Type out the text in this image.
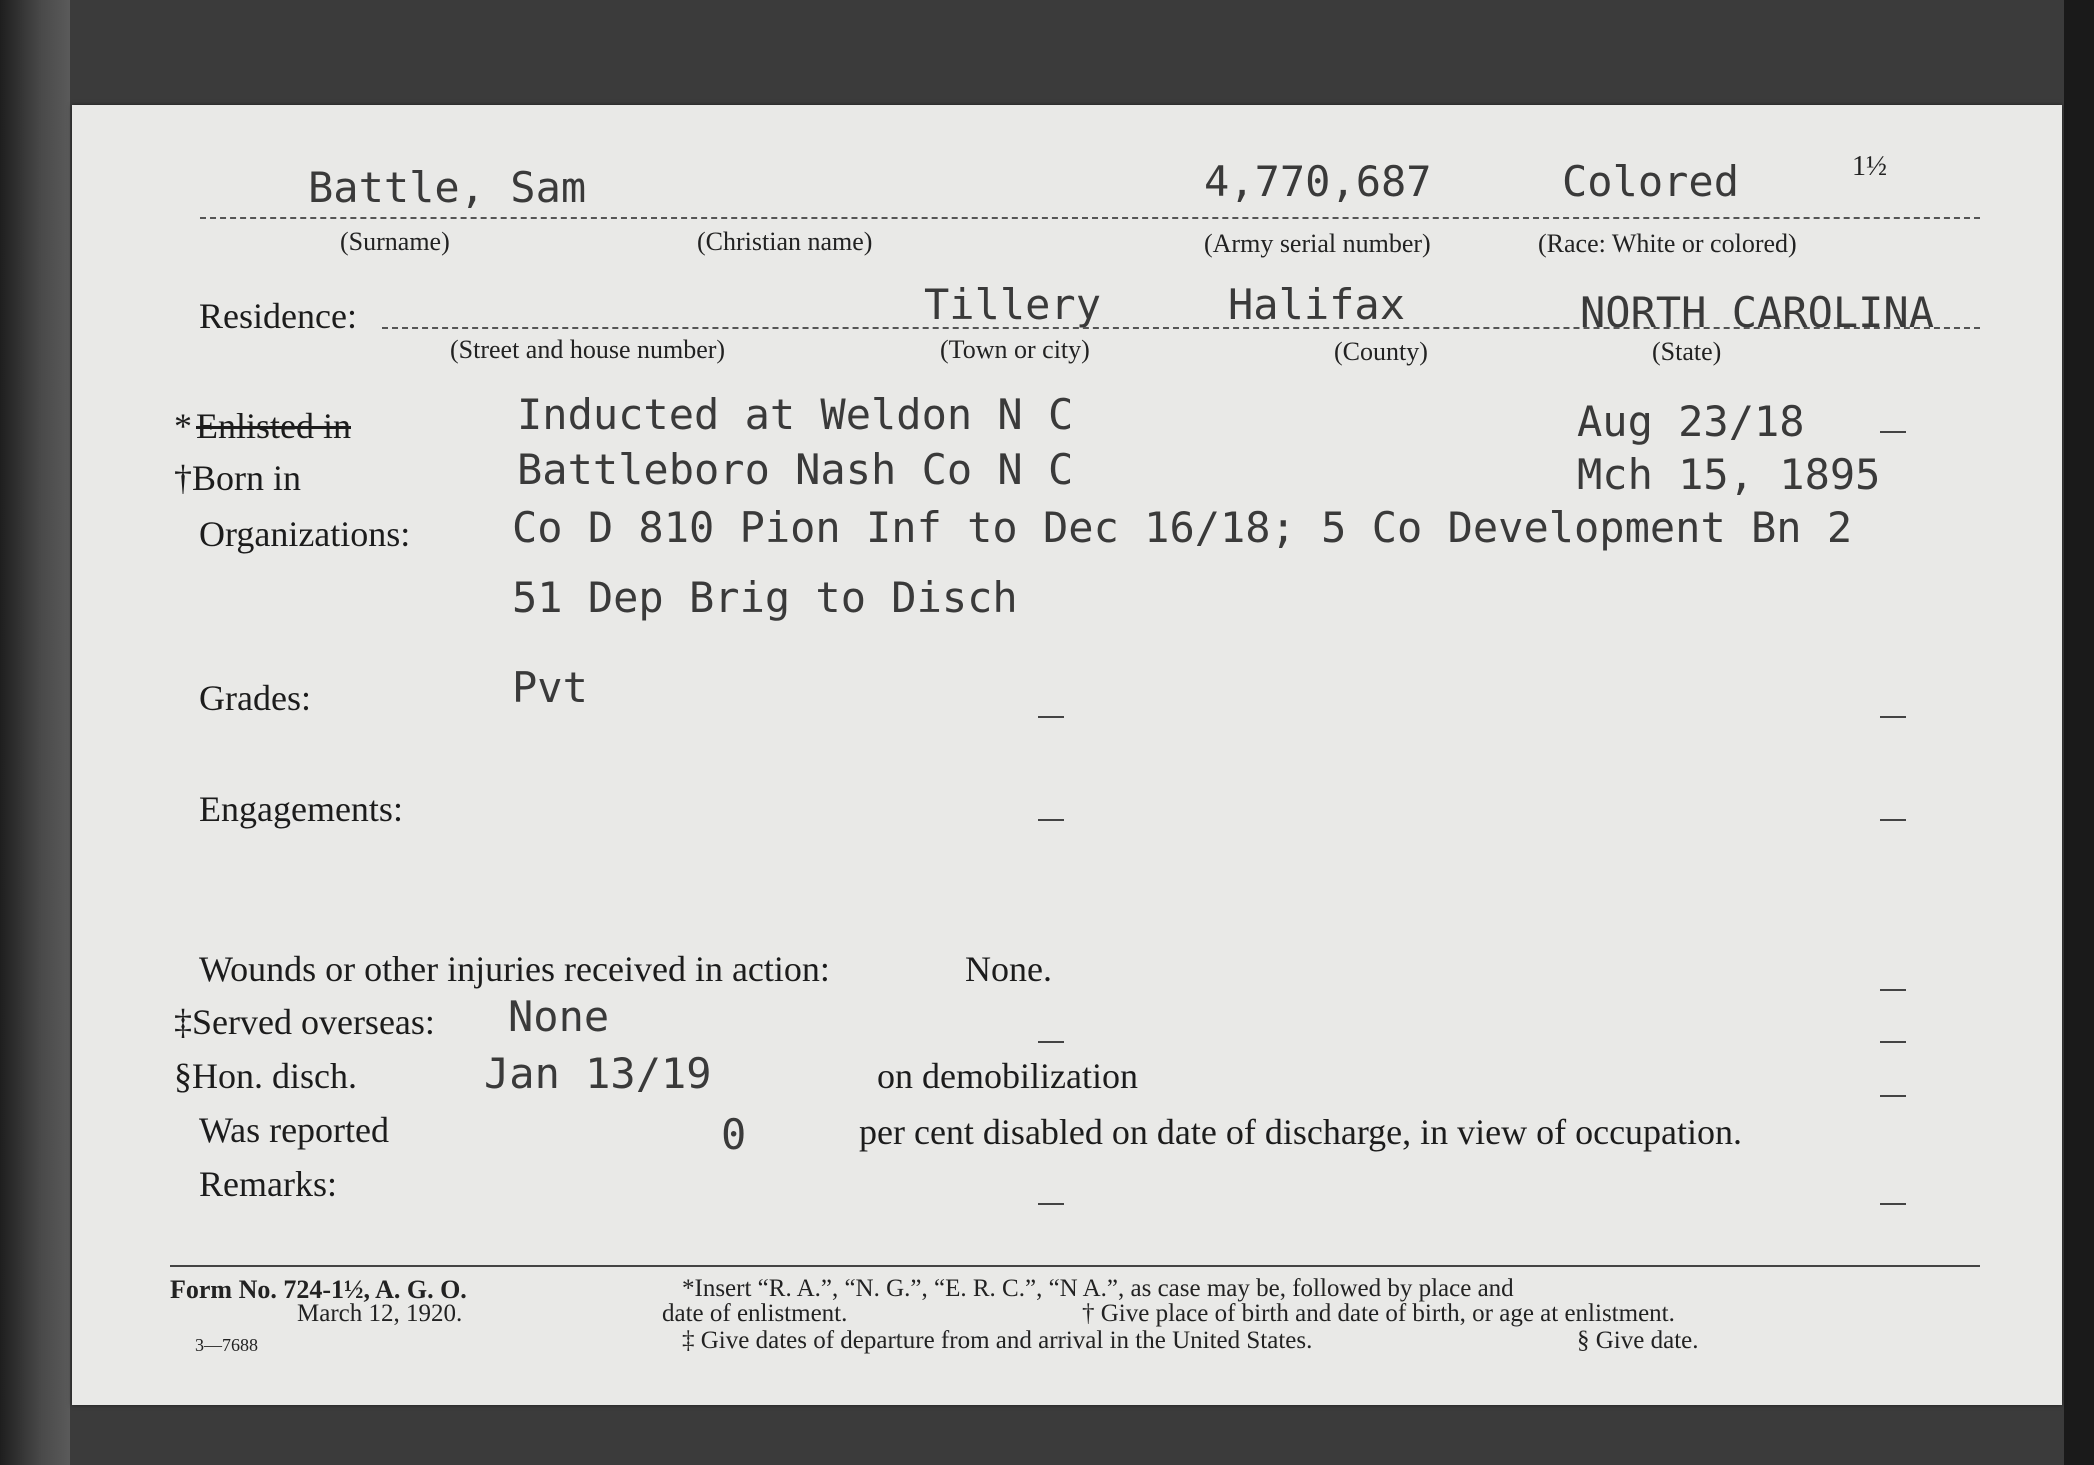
Battle, Sam	4,770,687	Colored	1½
(Surname)	(Christian name)	(Army serial number)	(Race: White or colored)
Residence:	Tillery	Halifax	NORTH CAROLINA
(Street and house number)	(Town or city)	(County)	(State)
* Enlisted in	Inducted at Weldon N C	Aug 23/18
†Born in	Battleboro Nash Co N C	Mch 15, 1895
Organizations: Co D 810 Pion Inf to Dec 16/18; 5 Co Development Bn 2
51 Dep Brig to Disch
Grades:	Pvt
Engagements:
Wounds or other injuries received in action:	None.
‡Served overseas: None
§Hon. disch.	Jan 13/19	on demobilization
Was reported	0	per cent disabled on date of discharge, in view of occupation.
Remarks:
Form No. 724-1½, A. G. O.
March 12, 1920.
3—7688
*Insert “R. A.”, “N. G.”, “E. R. C.”, “N A.”, as case may be, followed by place and
date of enlistment.	† Give place of birth and date of birth, or age at enlistment.
‡ Give dates of departure from and arrival in the United States.	§ Give date.
